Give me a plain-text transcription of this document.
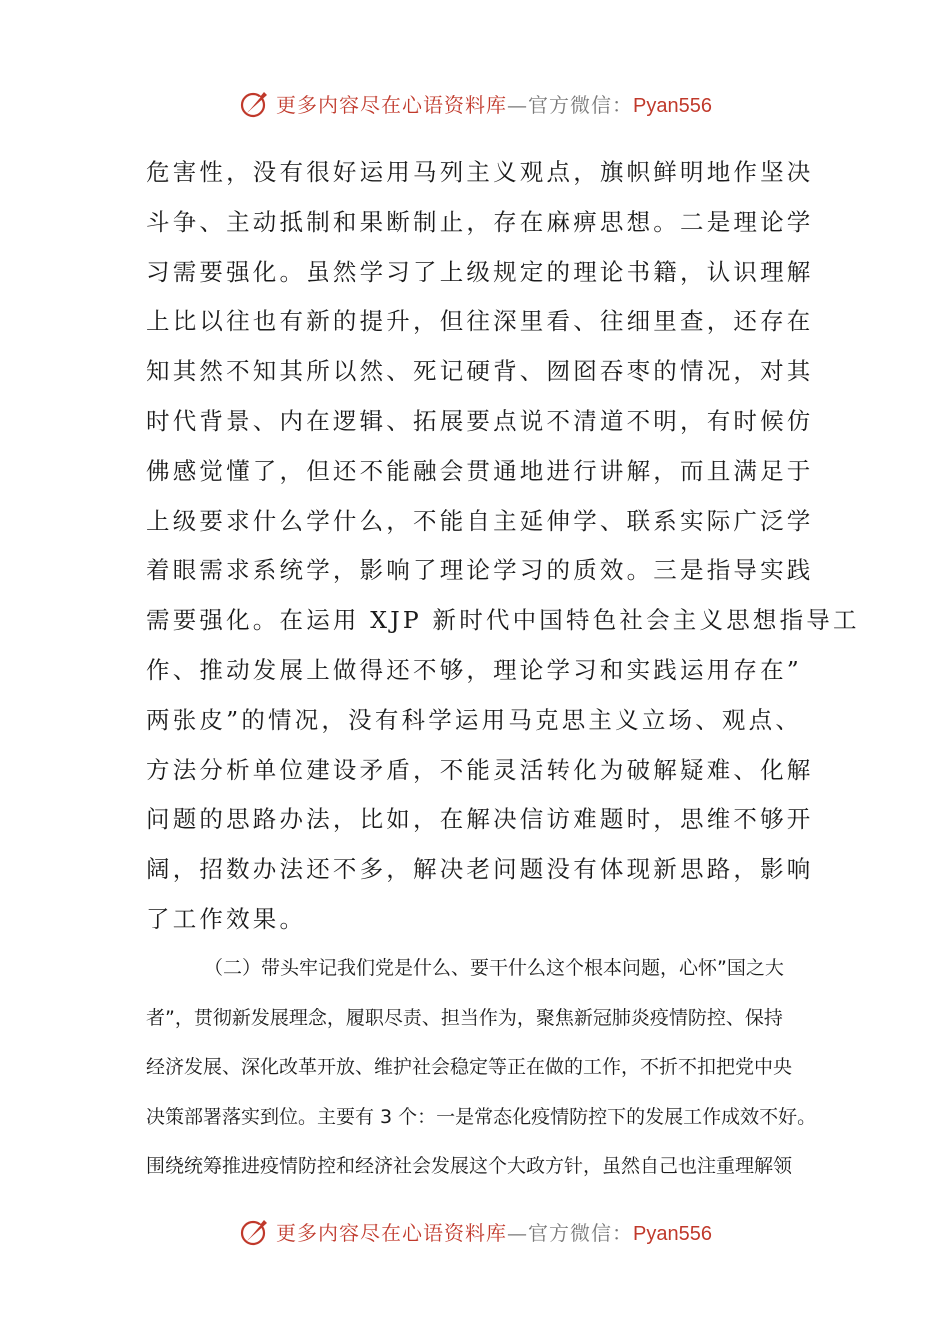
更多内容尽在心语资料库—官方微信：Pyan556
危害性，没有很好运用马列主义观点，旗帜鲜明地作坚决
斗争、主动抵制和果断制止，存在麻痹思想。二是理论学
习需要强化。虽然学习了上级规定的理论书籍，认识理解
上比以往也有新的提升，但往深里看、往细里查，还存在
知其然不知其所以然、死记硬背、囫囵吞枣的情况，对其
时代背景、内在逻辑、拓展要点说不清道不明，有时候仿
佛感觉懂了，但还不能融会贯通地进行讲解，而且满足于
上级要求什么学什么，不能自主延伸学、联系实际广泛学
着眼需求系统学，影响了理论学习的质效。三是指导实践
需要强化。在运用 XJP 新时代中国特色社会主义思想指导工
作、推动发展上做得还不够，理论学习和实践运用存在”
两张皮”的情况，没有科学运用马克思主义立场、观点、
方法分析单位建设矛盾，不能灵活转化为破解疑难、化解
问题的思路办法，比如，在解决信访难题时，思维不够开
阔，招数办法还不多，解决老问题没有体现新思路，影响
了工作效果。
（二）带头牢记我们党是什么、要干什么这个根本问题，心怀”国之大
者”，贯彻新发展理念，履职尽责、担当作为，聚焦新冠肺炎疫情防控、保持
经济发展、深化改革开放、维护社会稳定等正在做的工作，不折不扣把党中央
决策部署落实到位。主要有 3 个：一是常态化疫情防控下的发展工作成效不好。
围绕统筹推进疫情防控和经济社会发展这个大政方针，虽然自己也注重理解领
更多内容尽在心语资料库—官方微信：Pyan556
